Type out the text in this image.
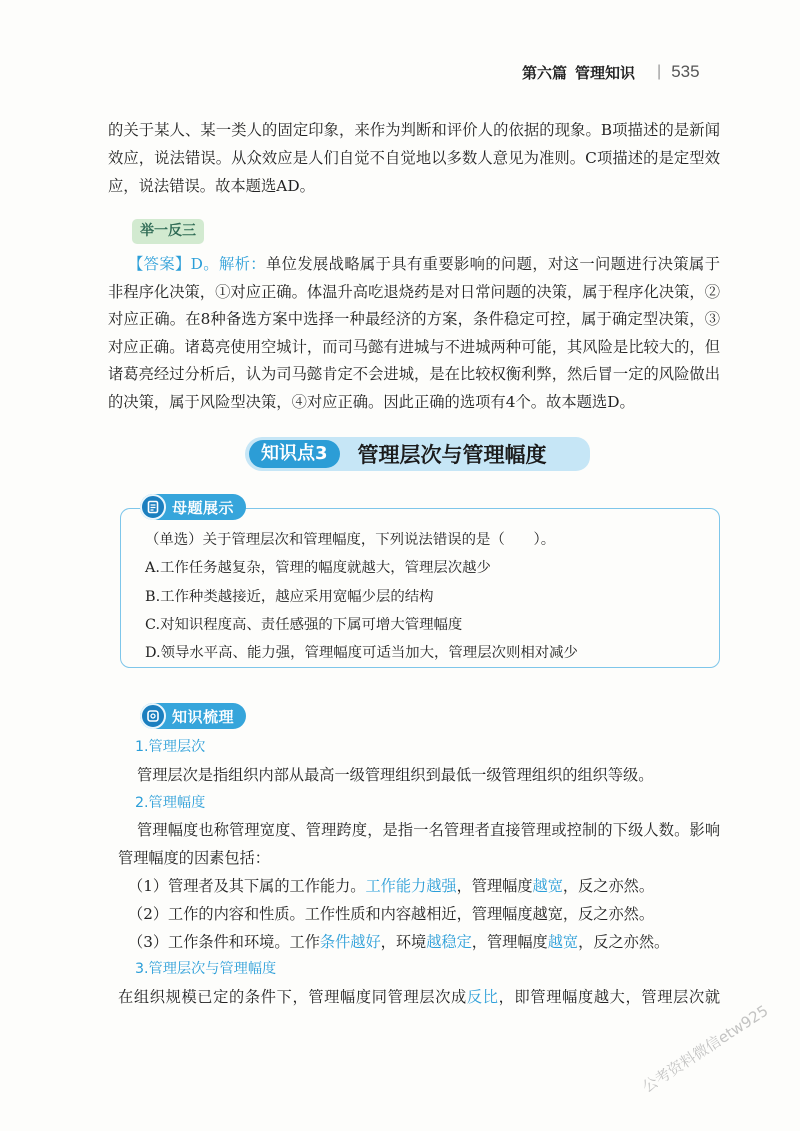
第六篇 管理知识 | 535

的关于某人、某一类人的固定印象，来作为判断和评价人的依据的现象。B项描述的是新闻效应，说法错误。从众效应是人们自觉不自觉地以多数人意见为准则。C项描述的是定型效应，说法错误。故本题选AD。

举一反三

【答案】D。解析：单位发展战略属于具有重要影响的问题，对这一问题进行决策属于非程序化决策，①对应正确。体温升高吃退烧药是对日常问题的决策，属于程序化决策，②对应正确。在8种备选方案中选择一种最经济的方案，条件稳定可控，属于确定型决策，③对应正确。诸葛亮使用空城计，而司马懿有进城与不进城两种可能，其风险是比较大的，但诸葛亮经过分析后，认为司马懿肯定不会进城，是在比较权衡利弊，然后冒一定的风险做出的决策，属于风险型决策，④对应正确。因此正确的选项有4个。故本题选D。

知识点3	管理层次与管理幅度
母题展示
（单选）关于管理层次和管理幅度，下列说法错误的是（　　）。
A.工作任务越复杂，管理的幅度就越大，管理层次越少
B.工作种类越接近，越应采用宽幅少层的结构
C.对知识程度高、责任感强的下属可增大管理幅度
D.领导水平高、能力强，管理幅度可适当加大，管理层次则相对减少
知识梳理

1.管理层次

管理层次是指组织内部从最高一级管理组织到最低一级管理组织的组织等级。

2.管理幅度

管理幅度也称管理宽度、管理跨度，是指一名管理者直接管理或控制的下级人数。影响管理幅度的因素包括：

（1）管理者及其下属的工作能力。工作能力越强，管理幅度越宽，反之亦然。

（2）工作的内容和性质。工作性质和内容越相近，管理幅度越宽，反之亦然。

（3）工作条件和环境。工作条件越好，环境越稳定，管理幅度越宽，反之亦然。

3.管理层次与管理幅度

在组织规模已定的条件下，管理幅度同管理层次成反比，即管理幅度越大，管理层次就

公考资料微信etw925
